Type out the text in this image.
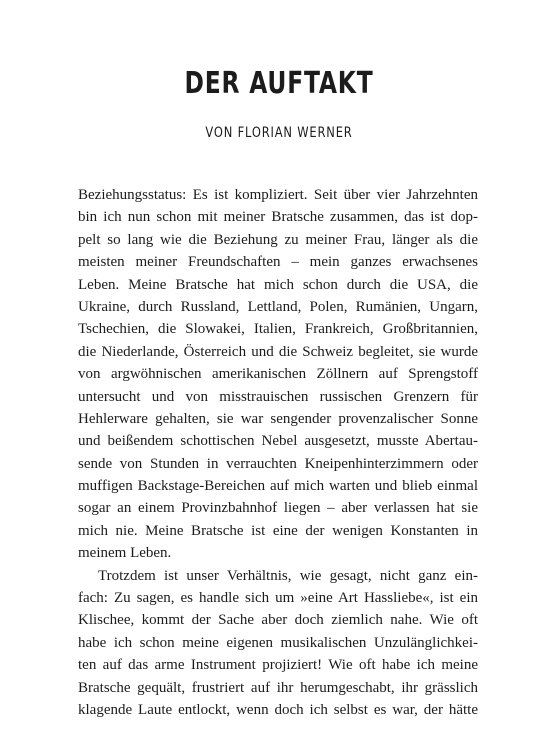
DER AUFTAKT
VON FLORIAN WERNER
Beziehungsstatus: Es ist kompliziert. Seit über vier Jahrzehnten
bin ich nun schon mit meiner Bratsche zusammen, das ist dop-
pelt so lang wie die Beziehung zu meiner Frau, länger als die
meisten meiner Freundschaften – mein ganzes erwachsenes
Leben. Meine Bratsche hat mich schon durch die USA, die
Ukraine, durch Russland, Lettland, Polen, Rumänien, Ungarn,
Tschechien, die Slowakei, Italien, Frankreich, Großbritannien,
die Niederlande, Österreich und die Schweiz begleitet, sie wurde
von argwöhnischen amerikanischen Zöllnern auf Sprengstoff
untersucht und von misstrauischen russischen Grenzern für
Hehlerware gehalten, sie war sengender provenzalischer Sonne
und beißendem schottischen Nebel ausgesetzt, musste Abertau-
sende von Stunden in verrauchten Kneipenhinterzimmern oder
muffigen Backstage-Bereichen auf mich warten und blieb einmal
sogar an einem Provinzbahnhof liegen – aber verlassen hat sie
mich nie. Meine Bratsche ist eine der wenigen Konstanten in
meinem Leben.
Trotzdem ist unser Verhältnis, wie gesagt, nicht ganz ein-
fach: Zu sagen, es handle sich um »eine Art Hassliebe«, ist ein
Klischee, kommt der Sache aber doch ziemlich nahe. Wie oft
habe ich schon meine eigenen musikalischen Unzulänglichkei-
ten auf das arme Instrument projiziert! Wie oft habe ich meine
Bratsche gequält, frustriert auf ihr herumgeschabt, ihr grässlich
klagende Laute entlockt, wenn doch ich selbst es war, der hätte
